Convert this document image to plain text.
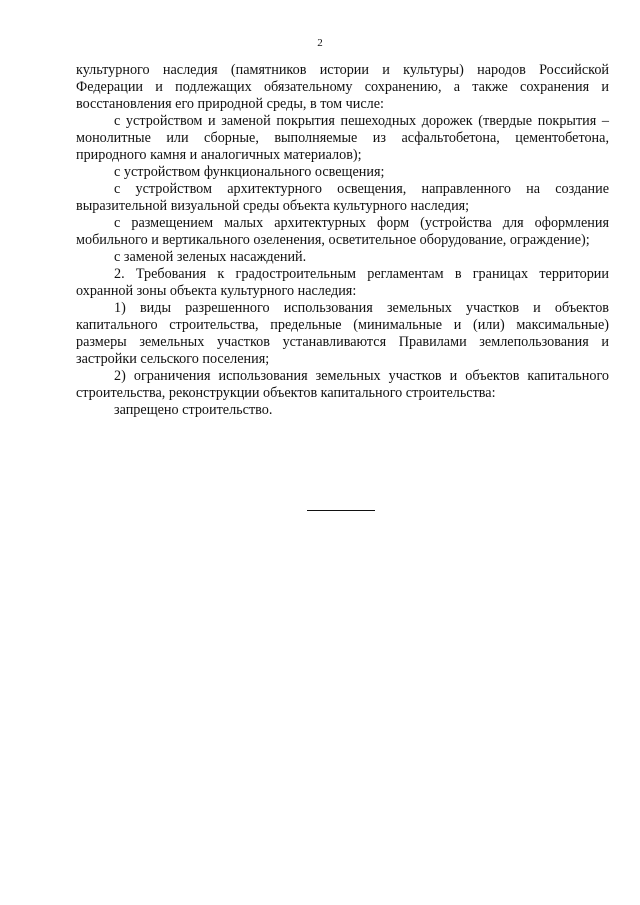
2

культурного наследия (памятников истории и культуры) народов Российской Федерации и подлежащих обязательному сохранению, а также сохранения и восстановления его природной среды, в том числе:

с устройством и заменой покрытия пешеходных дорожек (твердые покрытия – монолитные или сборные, выполняемые из асфальтобетона, цементобетона, природного камня и аналогичных материалов);

с устройством функционального освещения;

с устройством архитектурного освещения, направленного на создание выразительной визуальной среды объекта культурного наследия;

с размещением малых архитектурных форм (устройства для оформления мобильного и вертикального озеленения, осветительное оборудование, ограждение);

с заменой зеленых насаждений.

2. Требования к градостроительным регламентам в границах территории охранной зоны объекта культурного наследия:

1) виды разрешенного использования земельных участков и объектов капитального строительства, предельные (минимальные и (или) максимальные) размеры земельных участков устанавливаются Правилами землепользования и застройки сельского поселения;

2) ограничения использования земельных участков и объектов капитального строительства, реконструкции объектов капитального строительства:

запрещено строительство.
